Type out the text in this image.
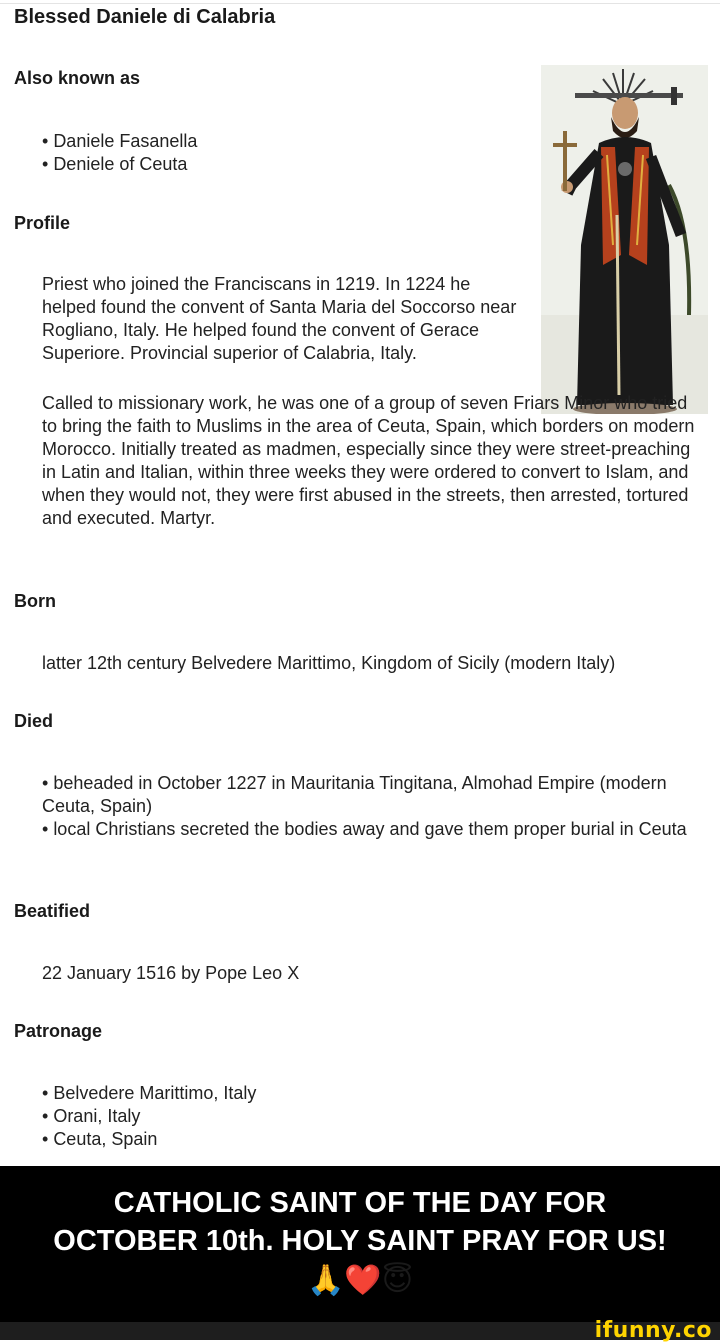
Blessed Daniele di Calabria
Also known as
• Daniele Fasanella
• Deniele of Ceuta
Profile

Priest who joined the Franciscans in 1219. In 1224 he helped found the convent of Santa Maria del Soccorso near Rogliano, Italy. He helped found the convent of Gerace Superiore. Provincial superior of Calabria, Italy.

Called to missionary work, he was one of a group of seven Friars Minor who tried to bring the faith to Muslims in the area of Ceuta, Spain, which borders on modern Morocco. Initially treated as madmen, especially since they were street-preaching in Latin and Italian, within three weeks they were ordered to convert to Islam, and when they would not, they were first abused in the streets, then arrested, tortured and executed. Martyr.

Born

latter 12th century Belvedere Marittimo, Kingdom of Sicily (modern Italy)

Died
• beheaded in October 1227 in Mauritania Tingitana, Almohad Empire (modern Ceuta, Spain)
• local Christians secreted the bodies away and gave them proper burial in Ceuta
Beatified

22 January 1516 by Pope Leo X

Patronage
• Belvedere Marittimo, Italy
• Orani, Italy
• Ceuta, Spain
CATHOLIC SAINT OF THE DAY FOR
OCTOBER 10th. HOLY SAINT PRAY FOR US!
🙏❤️😇
ifunny.co
